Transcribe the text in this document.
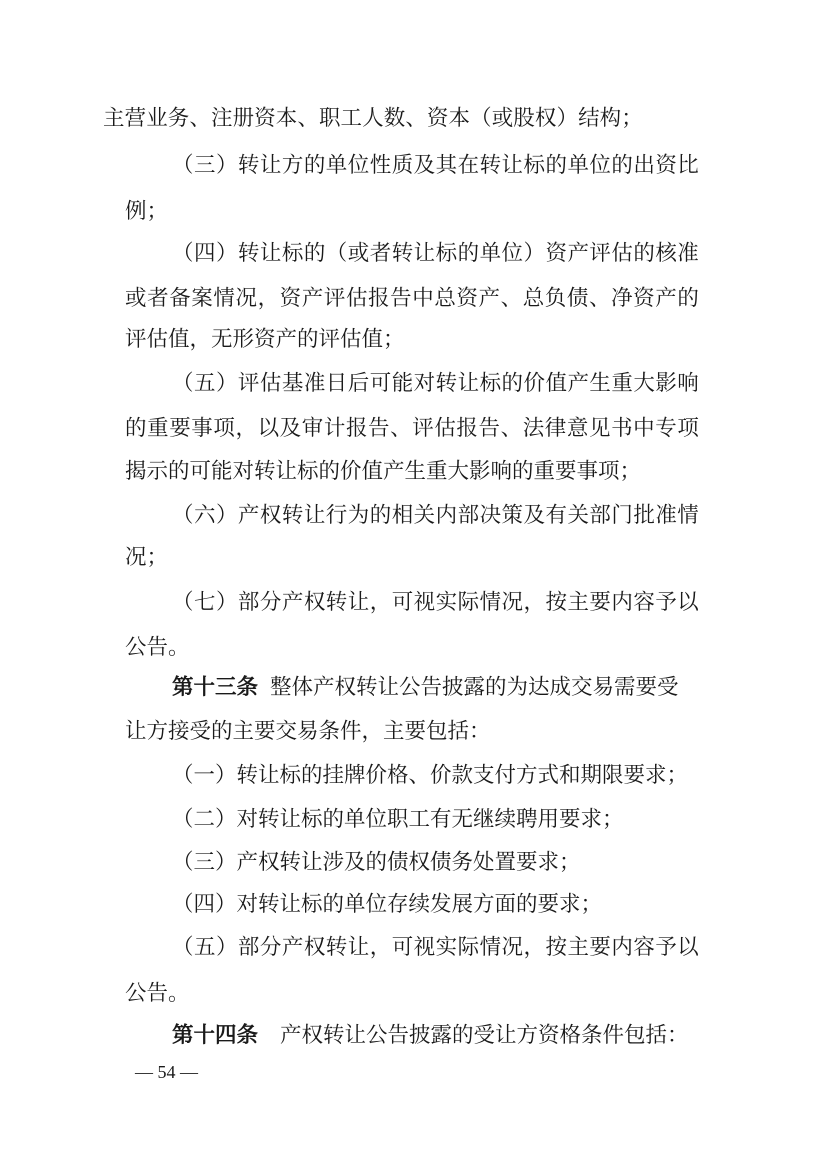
主 营 业 务 、 注 册 资 本 、 职 工 人 数 、 资 本 （ 或 股 权 ） 结 构 ；

（ 三 ） 转 让 方 的 单 位 性 质 及 其 在 转 让 标 的 单 位 的 出 资 比

例；

（ 四 ） 转 让 标 的 （ 或 者 转 让 标 的 单 位 ） 资 产 评 估 的 核 准

或 者 备 案 情 况 ， 资 产 评 估 报 告 中 总 资 产 、 总 负 债 、 净 资 产 的

评估值，无形资产的评估值；

（ 五 ） 评 估 基 准 日 后 可 能 对 转 让 标 的 价 值 产 生 重 大 影 响

的 重 要 事 项 ， 以 及 审 计 报 告 、 评 估 报 告 、 法 律 意 见 书 中 专 项

揭示的可能对转让标的价值产生重大影响的重要事项；

（ 六 ） 产 权 转 让 行 为 的 相 关 内 部 决 策 及 有 关 部 门 批 准 情

况；

（ 七 ） 部 分 产 权 转 让 ， 可 视 实 际 情 况 ， 按 主 要 内 容 予 以

公告。

第十三条 整体产权转让公告披露的为达成交易需要受

让方接受的主要交易条件，主要包括：

（一）转让标的挂牌价格、价款支付方式和期限要求；

（二）对转让标的单位职工有无继续聘用要求；

（三）产权转让涉及的债权债务处置要求；

（四）对转让标的单位存续发展方面的要求；

（ 五 ） 部 分 产 权 转 让 ， 可 视 实 际 情 况 ， 按 主 要 内 容 予 以

公告。

第十四条 产权转让公告披露的受让方资格条件包括：

— 54 —
